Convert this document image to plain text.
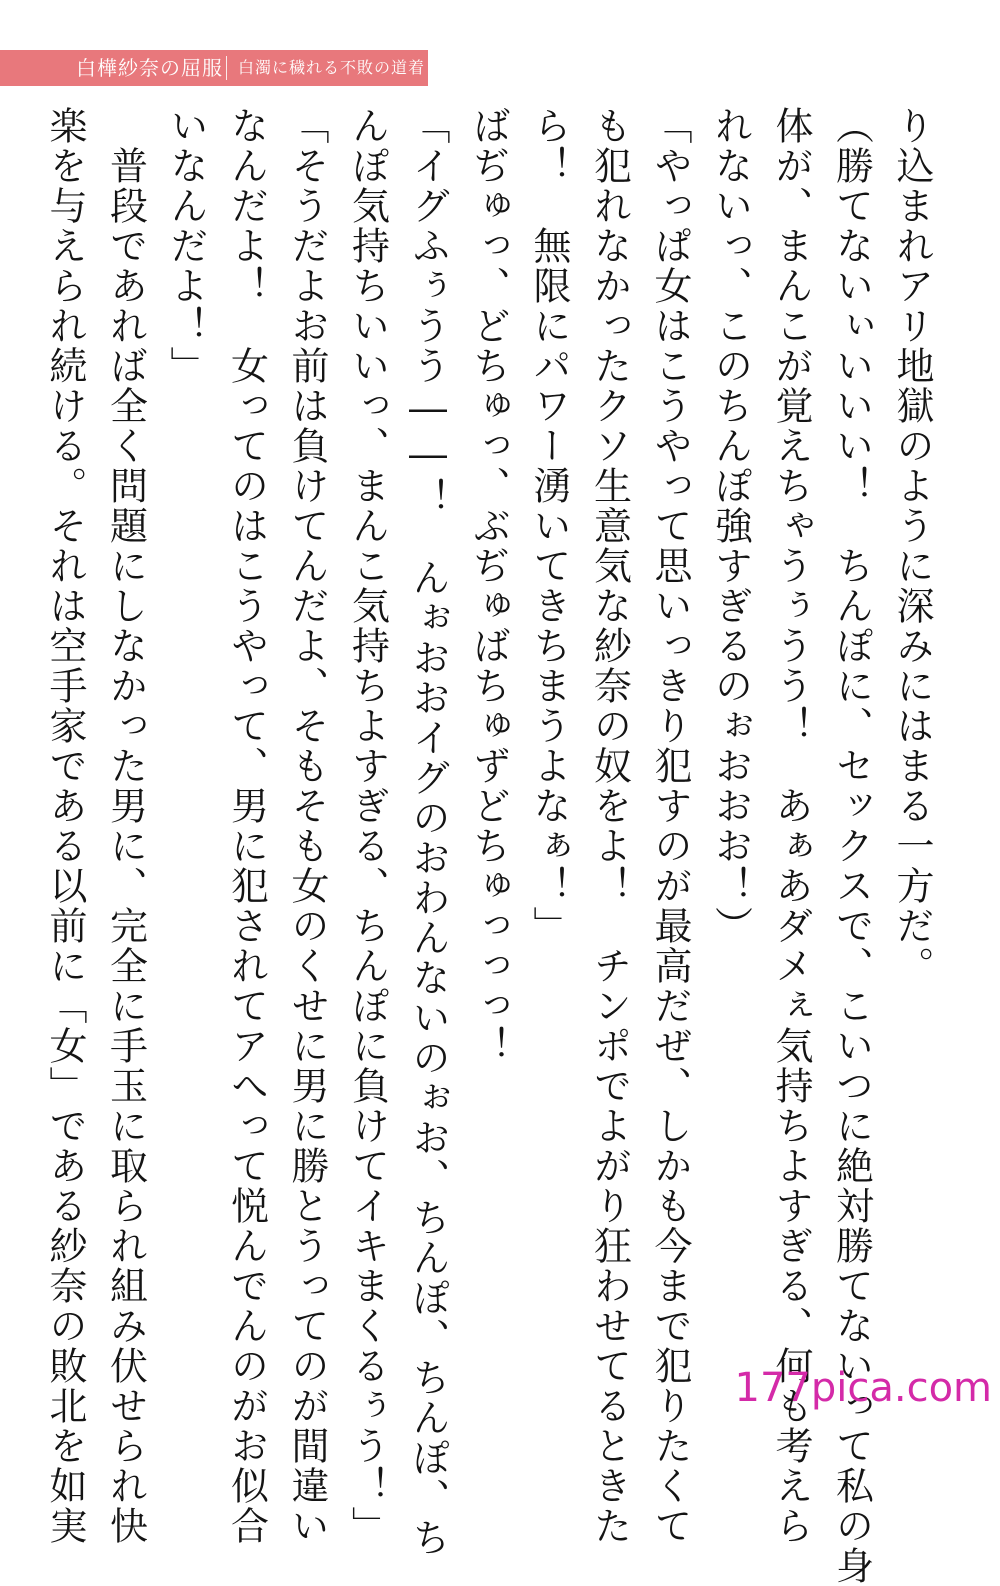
白樺紗奈の屈服 白濁に穢れる不敗の道着

り込まれアリ地獄のように深みにはまる一方だ。

（勝てないぃいいい！　ちんぽに、セックスで、こいつに絶対勝てないって私の身

体が、まんこが覚えちゃうぅうう！　あぁあダメぇ気持ちよすぎる、何も考えら

れないっ、このちんぽ強すぎるのぉおおお！）

「やっぱ女はこうやって思いっきり犯すのが最高だぜ、しかも今まで犯りたくて

も犯れなかったクソ生意気な紗奈の奴をよ！　チンポでよがり狂わせてるときた

ら！　無限にパワー湧いてきちまうよなぁ！」

ばぢゅっ、どちゅっ、ぶぢゅばちゅずどちゅっっっ！

「イグふぅうう――！　んぉおおイグのおわんないのぉお、ちんぽ、ちんぽ、ち

んぽ気持ちいいっ、まんこ気持ちよすぎる、ちんぽに負けてイキまくるぅう！」

「そうだよお前は負けてんだよ、そもそも女のくせに男に勝とうってのが間違い

なんだよ！　女ってのはこうやって、男に犯されてアへって悦んでんのがお似合

いなんだよ！」

　普段であれば全く問題にしなかった男に、完全に手玉に取られ組み伏せられ快

楽を与えられ続ける。それは空手家である以前に「女」である紗奈の敗北を如実	177pica.com
